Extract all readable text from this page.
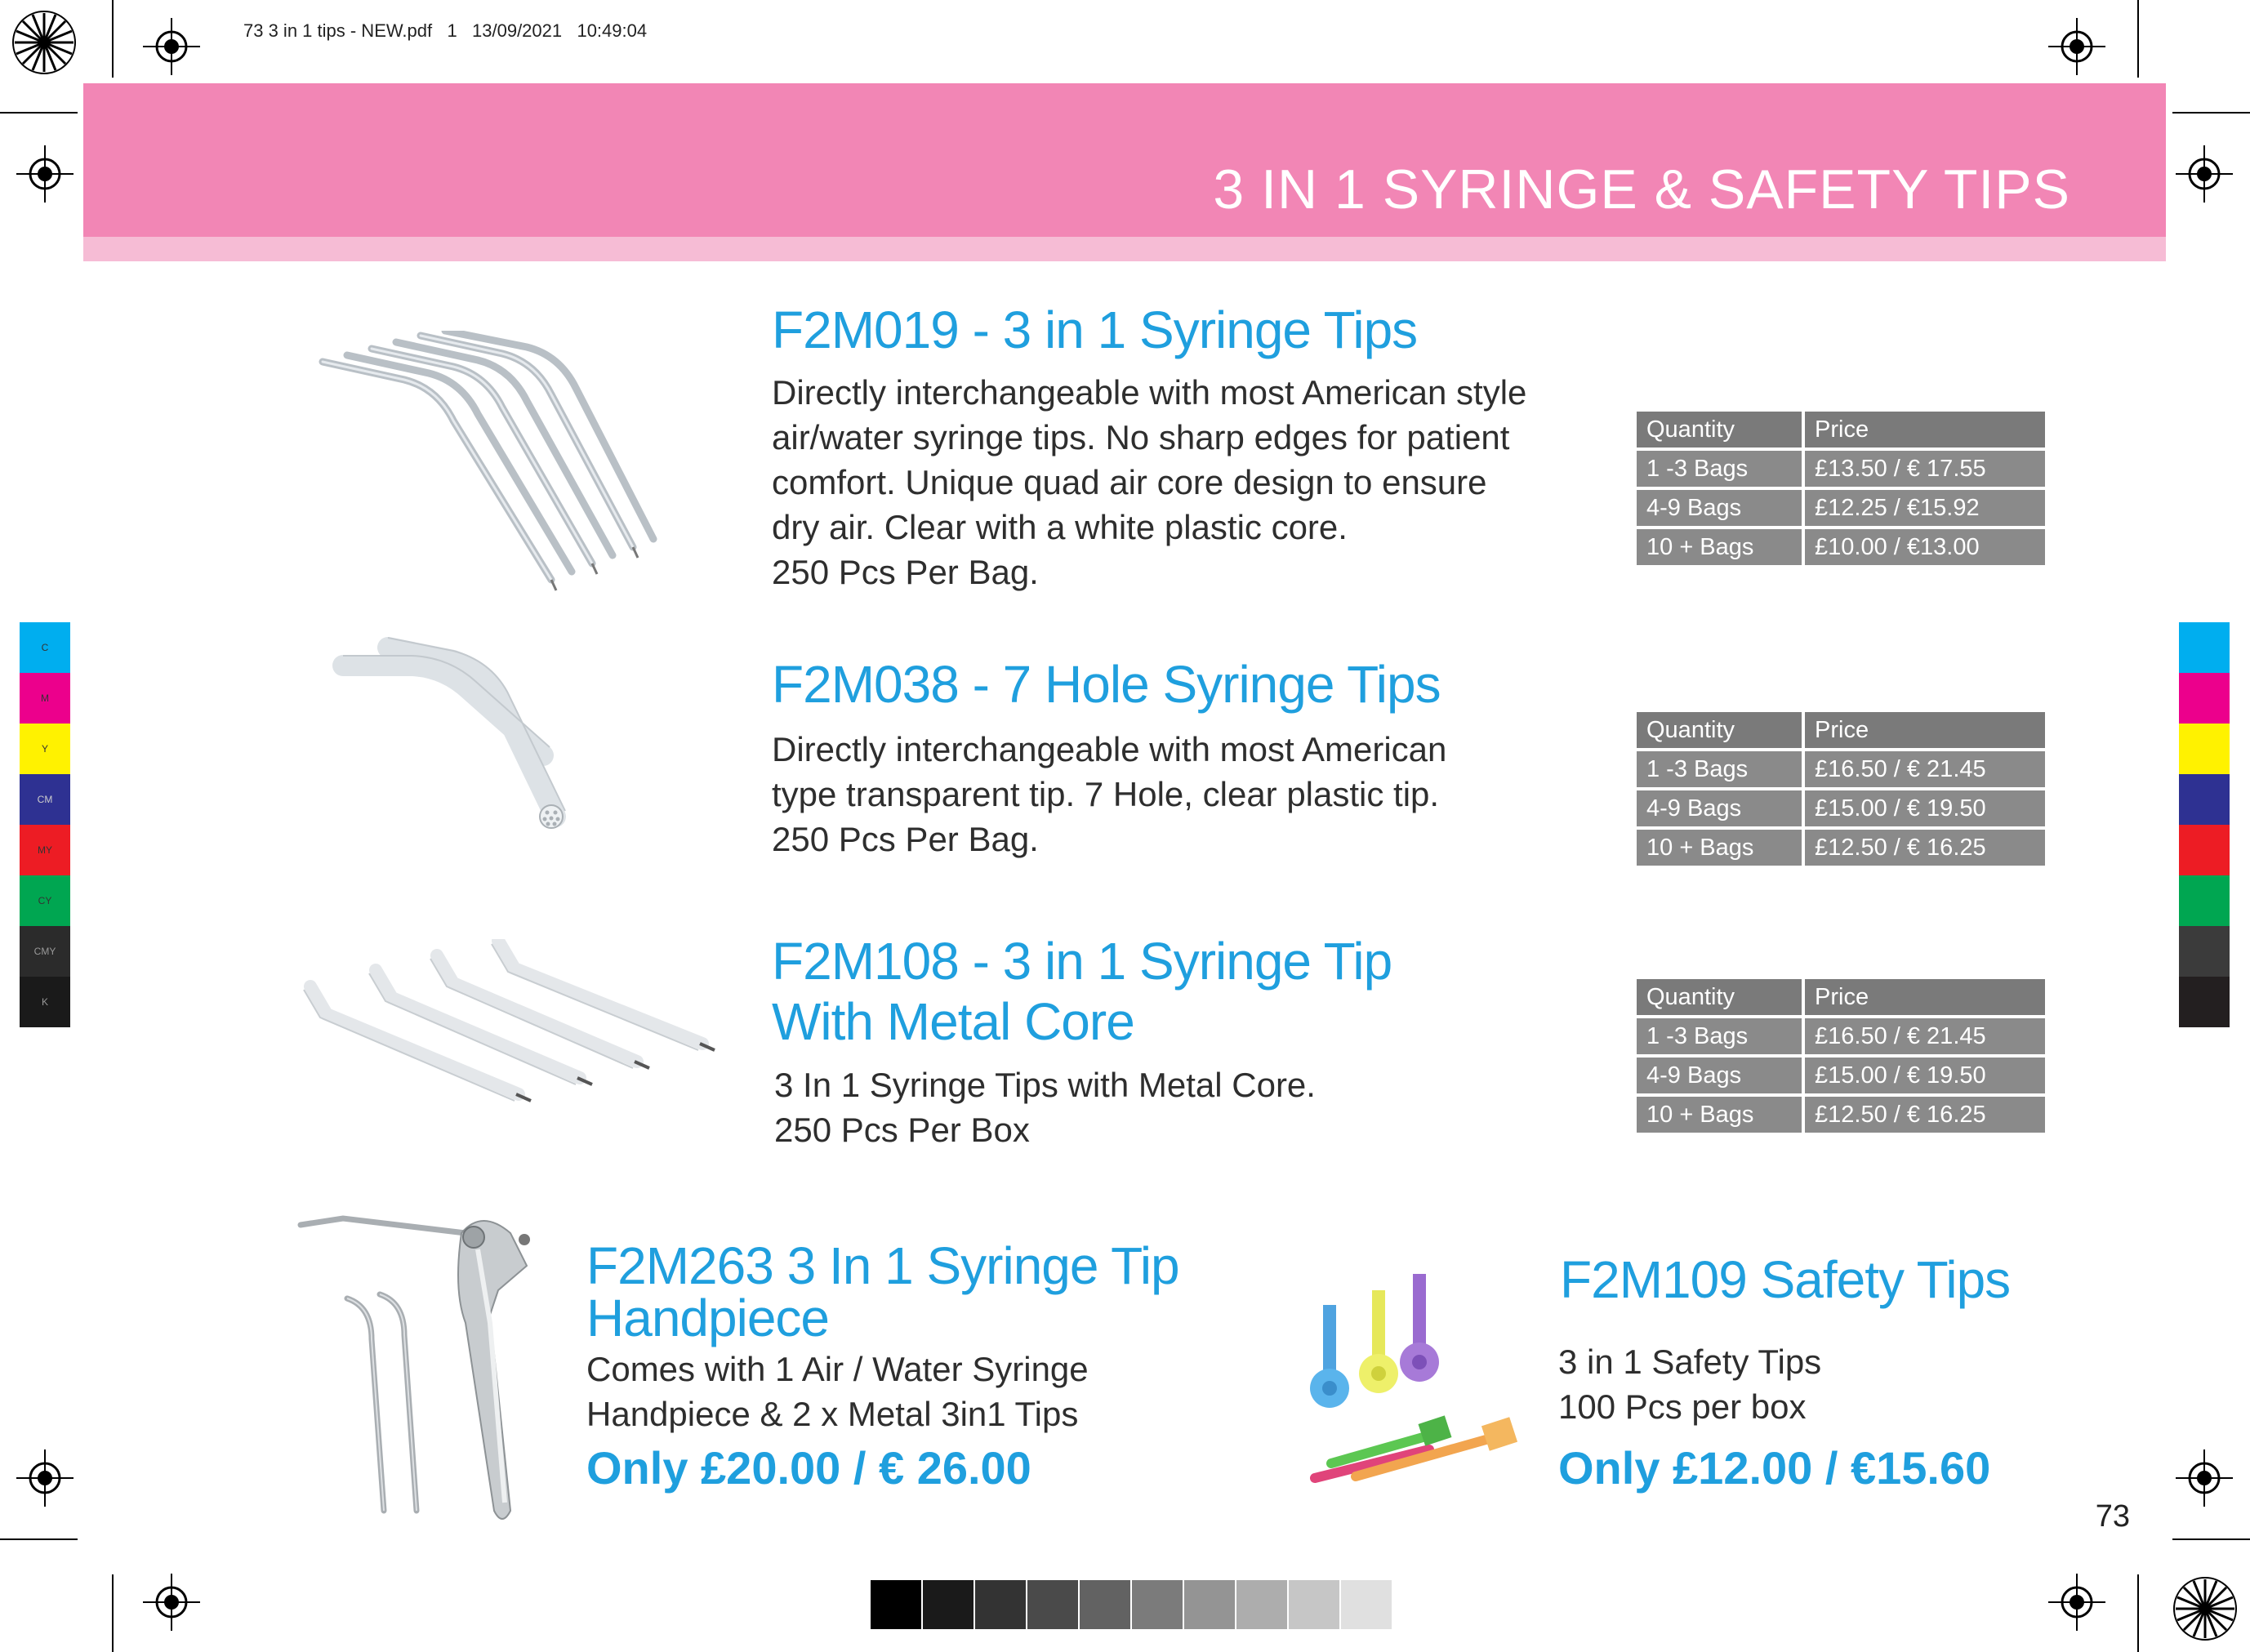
73 3 in 1 tips - NEW.pdf   1   13/09/2021   10:49:04
3 IN 1 SYRINGE & SAFETY TIPS
C
M
Y
CM
MY
CY
CMY
K
F2M019 - 3 in 1 Syringe Tips
Directly interchangeable with most American style
air/water syringe tips. No sharp edges for patient
comfort. Unique quad air core design to ensure
dry air. Clear with a white plastic core.
250 Pcs Per Bag.
Quantity	Price
1 -3 Bags	£13.50 / € 17.55
4-9 Bags	£12.25 / €15.92
10 + Bags	£10.00 / €13.00
F2M038 - 7 Hole Syringe Tips
Directly interchangeable with most American
type transparent tip. 7 Hole, clear plastic tip.
250 Pcs Per Bag.
Quantity	Price
1 -3 Bags	£16.50 / € 21.45
4-9 Bags	£15.00 / € 19.50
10 + Bags	£12.50 / € 16.25
F2M108 - 3 in 1 Syringe Tip
With Metal Core
3 In 1 Syringe Tips with Metal Core.
250 Pcs Per Box
Quantity	Price
1 -3 Bags	£16.50 / € 21.45
4-9 Bags	£15.00 / € 19.50
10 + Bags	£12.50 / € 16.25
F2M263 3 In 1 Syringe Tip
Handpiece
Comes with 1 Air / Water Syringe
Handpiece & 2 x Metal 3in1 Tips
Only £20.00 / € 26.00
F2M109 Safety Tips
3 in 1 Safety Tips
100 Pcs per box
Only £12.00 / €15.60
73
